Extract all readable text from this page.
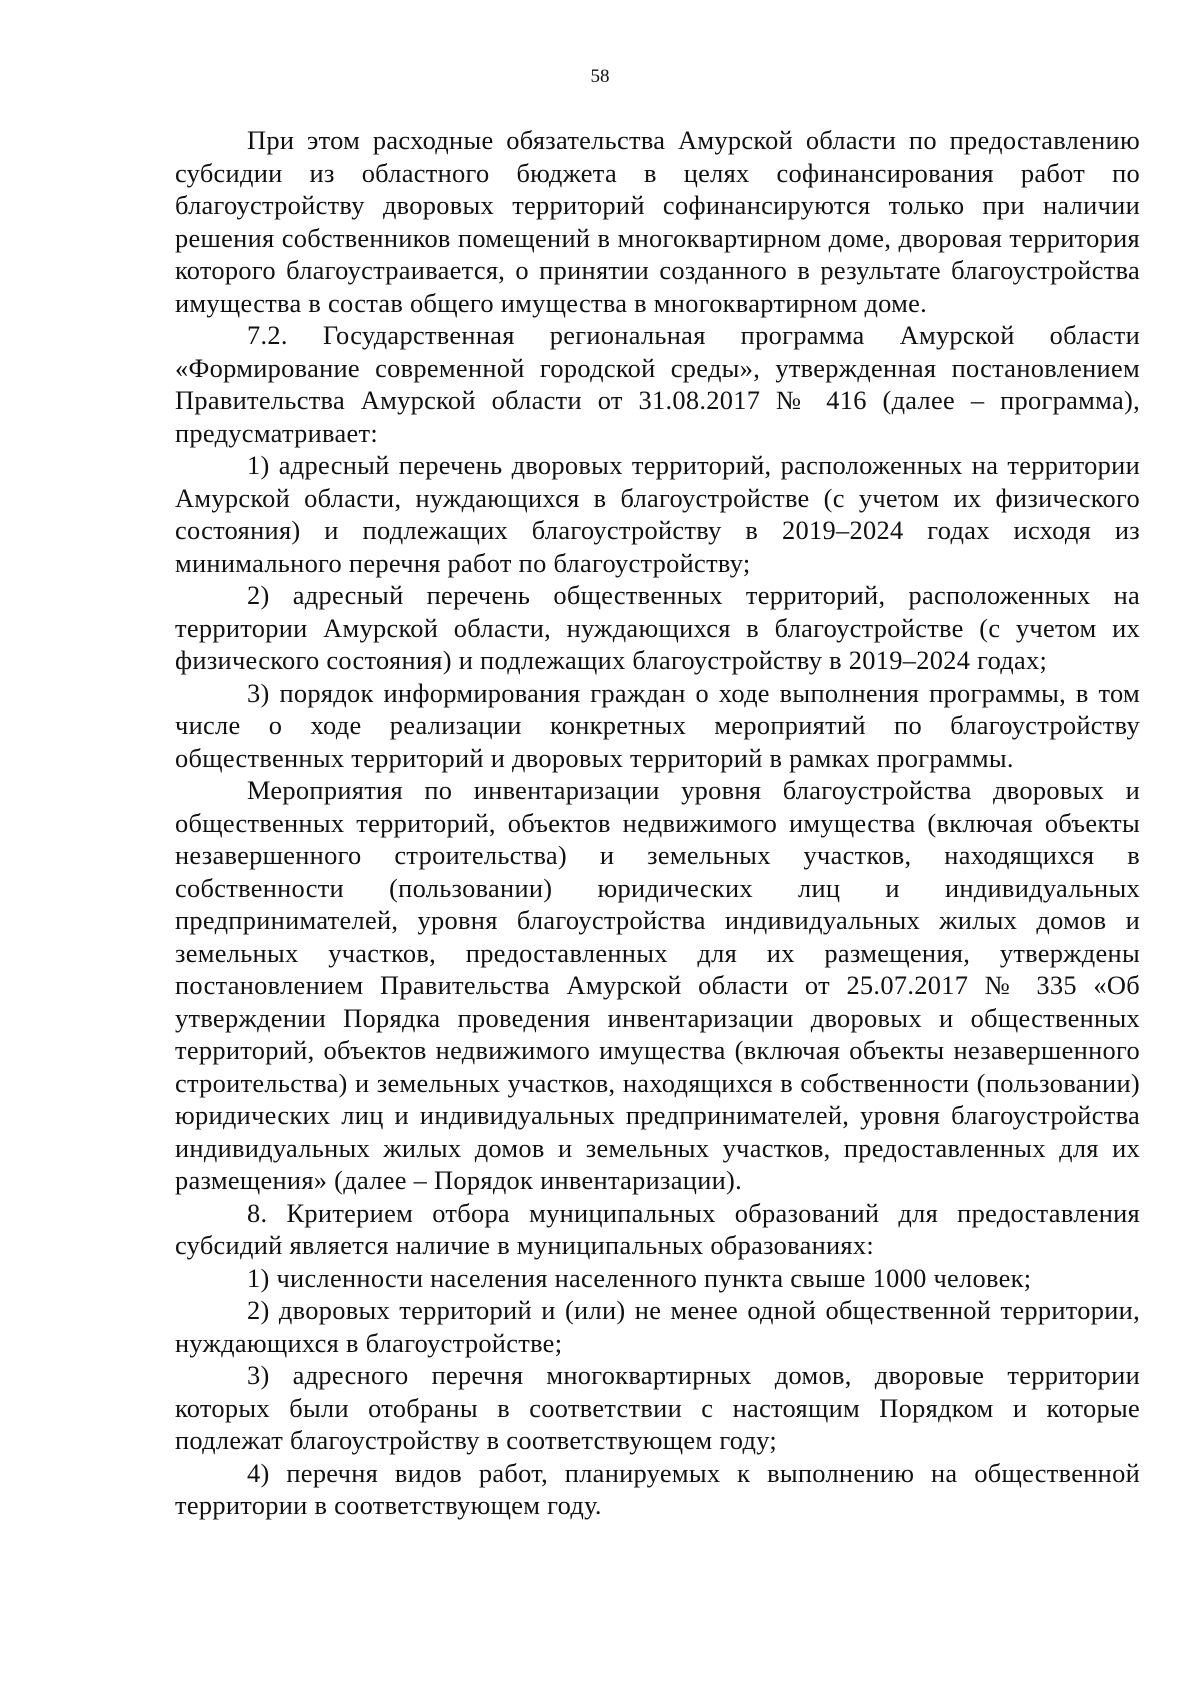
58

При этом расходные обязательства Амурской области по предоставлению субсидии из областного бюджета в целях софинансирования работ по благоустройству дворовых территорий софинансируются только при наличии решения собственников помещений в многоквартирном доме, дворовая территория которого благоустраивается, о принятии созданного в результате благоустройства имущества в состав общего имущества в многоквартирном доме.

7.2. Государственная региональная программа Амурской области «Формирование современной городской среды», утвержденная постановлением Правительства Амурской области от 31.08.2017 № 416 (далее – программа), предусматривает:

1) адресный перечень дворовых территорий, расположенных на территории Амурской области, нуждающихся в благоустройстве (с учетом их физического состояния) и подлежащих благоустройству в 2019–2024 годах исходя из минимального перечня работ по благоустройству;

2) адресный перечень общественных территорий, расположенных на территории Амурской области, нуждающихся в благоустройстве (с учетом их физического состояния) и подлежащих благоустройству в 2019–2024 годах;

3) порядок информирования граждан о ходе выполнения программы, в том числе о ходе реализации конкретных мероприятий по благоустройству общественных территорий и дворовых территорий в рамках программы.

Мероприятия по инвентаризации уровня благоустройства дворовых и общественных территорий, объектов недвижимого имущества (включая объекты незавершенного строительства) и земельных участков, находящихся в собственности (пользовании) юридических лиц и индивидуальных предпринимателей, уровня благоустройства индивидуальных жилых домов и земельных участков, предоставленных для их размещения, утверждены постановлением Правительства Амурской области от 25.07.2017 № 335 «Об утверждении Порядка проведения инвентаризации дворовых и общественных территорий, объектов недвижимого имущества (включая объекты незавершенного строительства) и земельных участков, находящихся в собственности (пользовании) юридических лиц и индивидуальных предпринимателей, уровня благоустройства индивидуальных жилых домов и земельных участков, предоставленных для их размещения» (далее – Порядок инвентаризации).

8. Критерием отбора муниципальных образований для предоставления субсидий является наличие в муниципальных образованиях:

1) численности населения населенного пункта свыше 1000 человек;

2) дворовых территорий и (или) не менее одной общественной территории, нуждающихся в благоустройстве;

3) адресного перечня многоквартирных домов, дворовые территории которых были отобраны в соответствии с настоящим Порядком и которые подлежат благоустройству в соответствующем году;

4) перечня видов работ, планируемых к выполнению на общественной территории в соответствующем году.
